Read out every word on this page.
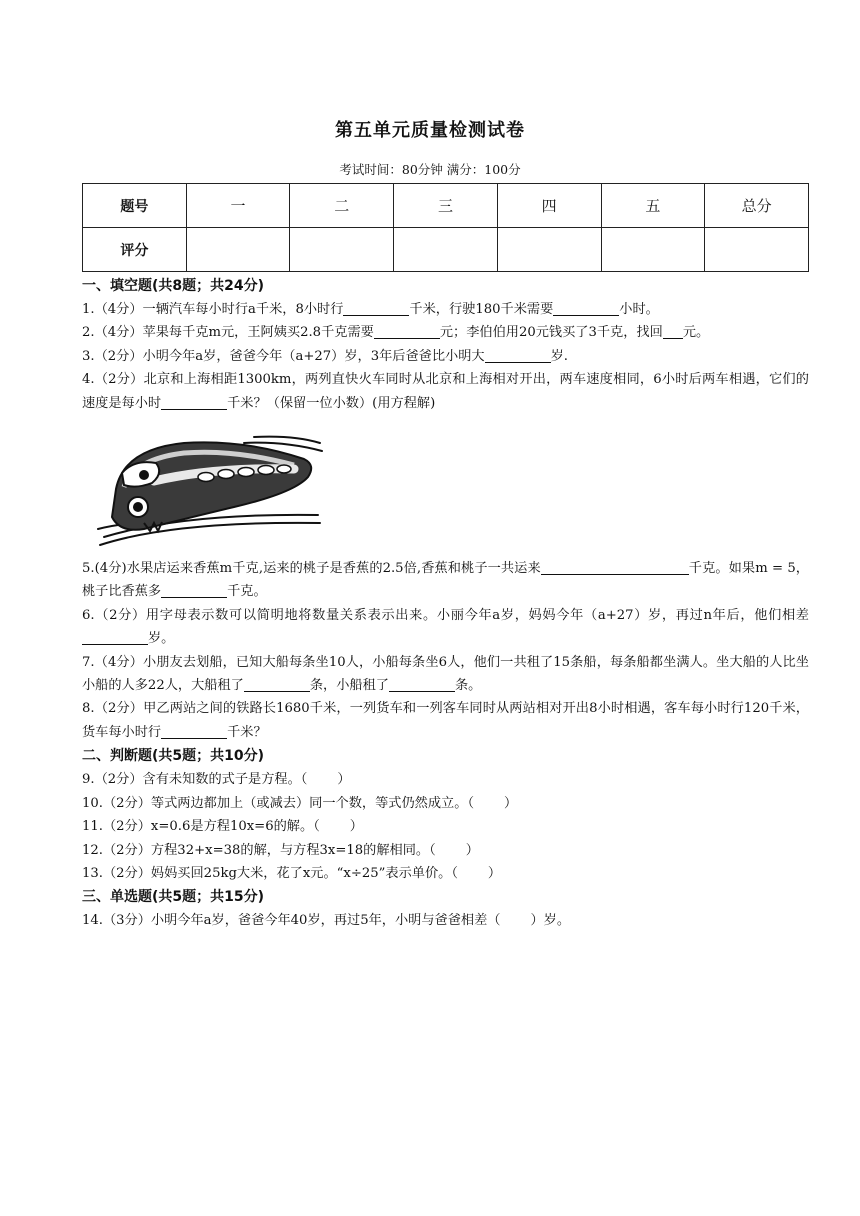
第五单元质量检测试卷
考试时间：80分钟 满分：100分
题号	一	二	三	四	五	总分
评分						
一、填空题(共8题；共24分)

1.（4分）一辆汽车每小时行a千米，8小时行	千米，行驶180千米需要	小时。

2.（4分）苹果每千克m元，王阿姨买2.8千克需要	元；李伯伯用20元钱买了3千克，找回 元。

3.（2分）小明今年a岁，爸爸今年（a+27）岁，3年后爸爸比小明大	岁.

4.（2分）北京和上海相距1300km，两列直快火车同时从北京和上海相对开出，两车速度相同，6小时后两车相遇，它们的速度是每小时	千米？（保留一位小数）(用方程解)

5.(4分)水果店运来香蕉m千克,运来的桃子是香蕉的2.5倍,香蕉和桃子一共运来	千克。如果m = 5，桃子比香蕉多	千克。

6.（2分）用字母表示数可以简明地将数量关系表示出来。小丽今年a岁，妈妈今年（a+27）岁，再过n年后，他们相差岁。

7.（4分）小朋友去划船，已知大船每条坐10人，小船每条坐6人，他们一共租了15条船，每条船都坐满人。坐大船的人比坐小船的人多22人，大船租了	条，小船租了	条。

8.（2分）甲乙两站之间的铁路长1680千米，一列货车和一列客车同时从两站相对开出8小时相遇，客车每小时行120千米，货车每小时行	千米？

二、判断题(共5题；共10分)

9.（2分）含有未知数的式子是方程。（ ）

10.（2分）等式两边都加上（或减去）同一个数，等式仍然成立。（ ）

11.（2分）x=0.6是方程10x=6的解。（ ）

12.（2分）方程32+x=38的解，与方程3x=18的解相同。（ ）

13.（2分）妈妈买回25kg大米，花了x元。“x÷25”表示单价。（ ）

三、单选题(共5题；共15分)

14.（3分）小明今年a岁，爸爸今年40岁，再过5年，小明与爸爸相差（ ）岁。
